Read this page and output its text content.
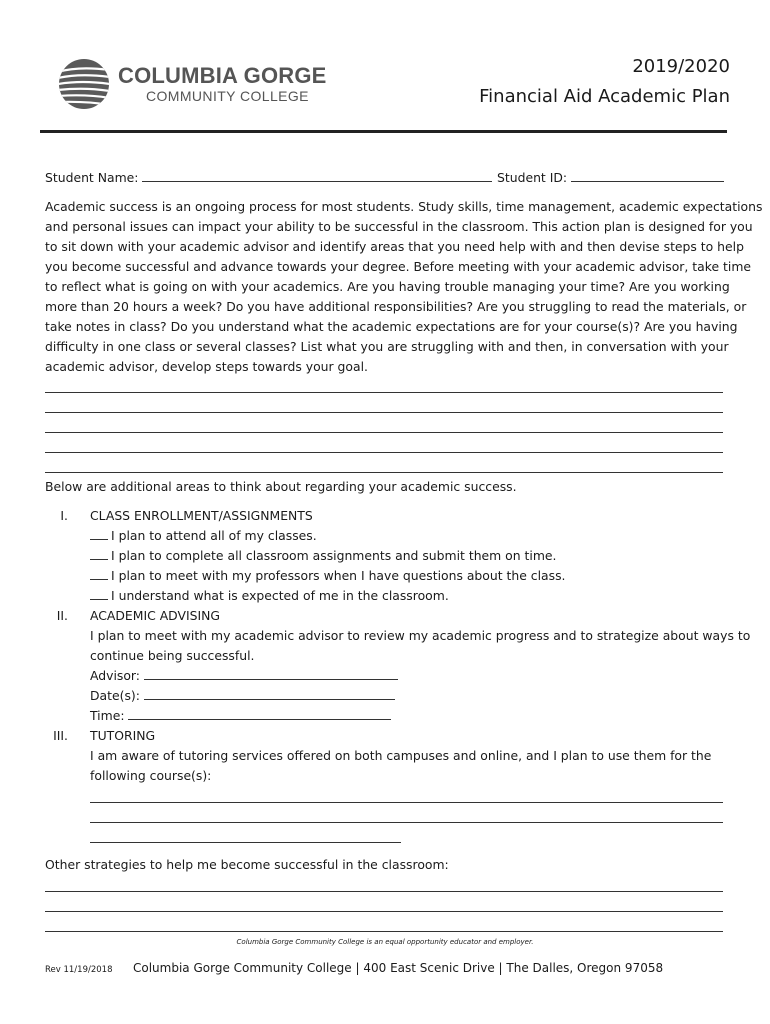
COLUMBIA GORGE
COMMUNITY COLLEGE
2019/2020
Financial Aid Academic Plan
Student Name:	Student ID:
Academic success is an ongoing process for most students. Study skills, time management, academic expectations
and personal issues can impact your ability to be successful in the classroom. This action plan is designed for you
to sit down with your academic advisor and identify areas that you need help with and then devise steps to help
you become successful and advance towards your degree. Before meeting with your academic advisor, take time
to reflect what is going on with your academics. Are you having trouble managing your time? Are you working
more than 20 hours a week? Do you have additional responsibilities? Are you struggling to read the materials, or
take notes in class? Do you understand what the academic expectations are for your course(s)? Are you having
difficulty in one class or several classes? List what you are struggling with and then, in conversation with your
academic advisor, develop steps towards your goal.
Below are additional areas to think about regarding your academic success.
I. CLASS ENROLLMENT/ASSIGNMENTS
I plan to attend all of my classes.
I plan to complete all classroom assignments and submit them on time.
I plan to meet with my professors when I have questions about the class.
I understand what is expected of me in the classroom.
II. ACADEMIC ADVISING
I plan to meet with my academic advisor to review my academic progress and to strategize about ways to
continue being successful.
Advisor:
Date(s):
Time:
III. TUTORING
I am aware of tutoring services offered on both campuses and online, and I plan to use them for the
following course(s):
Other strategies to help me become successful in the classroom:
Columbia Gorge Community College is an equal opportunity educator and employer.
Rev 11/19/2018 Columbia Gorge Community College | 400 East Scenic Drive | The Dalles, Oregon 97058
